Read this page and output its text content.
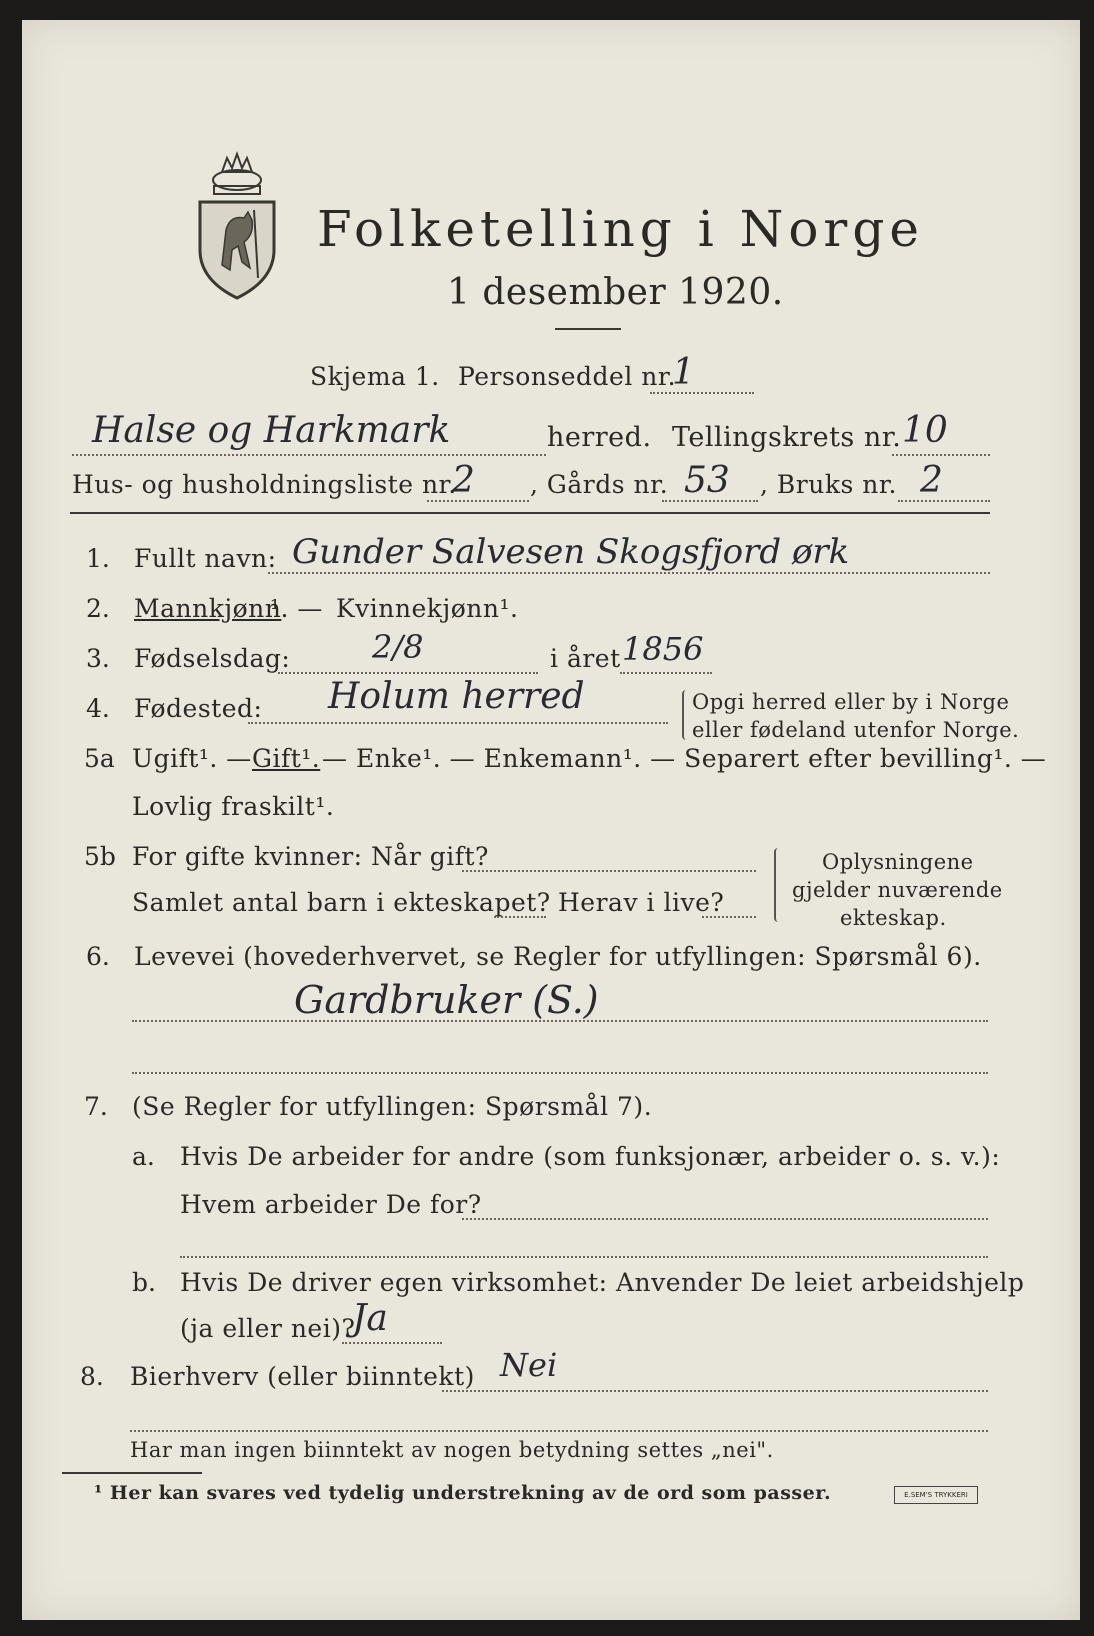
Folketelling i Norge
1 desember 1920.
Skjema 1. Personseddel nr.
1
Halse og Harkmark	herred. Tellingskrets nr. 10
Hus- og husholdningsliste nr.
2 , Gårds nr. 53 , Bruks nr. 2
1. Fullt navn: Gunder Salvesen Skogsfjord ørk
2. Mannkjønn
¹. — Kvinnekjønn¹.
3. Fødselsdag:	2/8	i året 1856
4. Fødested: Holum herred	Opgi herred eller by i Norge
eller fødeland utenfor Norge.
5a Ugift¹. — Gift¹. — Enke¹. — Enkemann¹. — Separert efter bevilling¹. —
Lovlig fraskilt¹.
5b For gifte kvinner: Når gift?
Samlet antal barn i ekteskapet? Herav i live?
Oplysningene
gjelder nuværende
ekteskap.
6. Levevei (hovederhvervet, se Regler for utfyllingen: Spørsmål 6).
Gardbruker (S.)
7. (Se Regler for utfyllingen: Spørsmål 7).
a. Hvis De arbeider for andre (som funksjonær, arbeider o. s. v.):
Hvem arbeider De for?
b. Hvis De driver egen virksomhet: Anvender De leiet arbeidshjelp
(ja eller nei)?
Ja
8. Bierhverv (eller biinntekt) Nei
Har man ingen biinntekt av nogen betydning settes „nei".
¹ Her kan svares ved tydelig understrekning av de ord som passer.	E.SEM'S TRYKKERI
